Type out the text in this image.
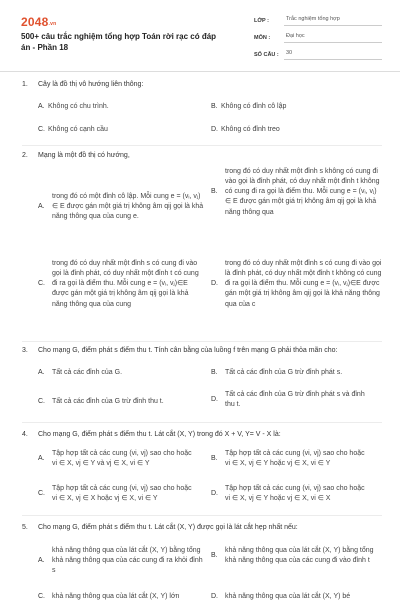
2048.vn
500+ câu trắc nghiệm tổng hợp Toán rời rạc có đáp án - Phần 18
LỚP :	Trắc nghiệm tổng hợp
MÔN :	Đại học
SỐ CÂU :	30
1.	Cây là đồ thị vô hướng liên thông:
A. Không có chu trình.	B. Không có đỉnh cô lập
C. Không có cạnh cầu	D. Không có đỉnh treo
2.	Mạng là một đồ thị có hướng,
A.
trong đó có một đỉnh cô lập. Mỗi cung e = (vᵢ, vⱼ) ∈ E được gán một giá trị không âm qij gọi là khả năng thông qua của cung e.
B.
trong đó có duy nhất một đỉnh s không có cung đi vào gọi là đỉnh phát, có duy nhất một đỉnh t không có cung đi ra gọi là điểm thu. Mỗi cung e = (vᵢ, vⱼ) ∈ E được gán một giá trị không âm qij gọi là khả năng thông qua
C.
trong đó có duy nhất một đỉnh s có cung đi vào gọi là đỉnh phát, có duy nhất một đỉnh t có cung đi ra gọi là điểm thu. Mỗi cung e = (vᵢ, vⱼ)∈E được gán một giá trị không âm qij gọi là khả năng thông qua của cung
D.
trong đó có duy nhất một đỉnh s có cung đi vào gọi là đỉnh phát, có duy nhất một đỉnh t không có cung đi ra gọi là điểm thu. Mỗi cung e = (vᵢ, vⱼ)∈E được gán một giá trị không âm qij gọi là khả năng thông qua của c
3.	Cho mạng G, điểm phát s điểm thu t. Tính cân bằng của luồng f trên mạng G phải thỏa mãn cho:
A.	Tất cả các đỉnh của G.	B.	Tất cả các đỉnh của G trừ đỉnh phát s.
C.	Tất cả các đỉnh của G trừ đỉnh thu t.	D.
Tất cả các đỉnh của G trừ đỉnh phát s và đỉnh thu t.
4.	Cho mạng G, điểm phát s điểm thu t. Lát cắt (X, Y) trong đó X + V, Y= V - X là:
A.
Tập hợp tất cả các cung (vi, vj) sao cho hoặc vi ∈ X, vj ∈ Y và vj ∈ X, vi ∈ Y
B.
Tập hợp tất cả các cung (vi, vj) sao cho hoặc vi ∈ X, vj ∈ Y hoặc vj ∈ X, vi ∈ Y
C.
Tập hợp tất cả các cung (vi, vj) sao cho hoặc vi ∈ X, vj ∈ X hoặc vj ∈ X, vi ∈ Y
D.
Tập hợp tất cả các cung (vi, vj) sao cho hoặc vi ∈ X, vj ∈ Y hoặc vj ∈ X, vi ∈ X
5.	Cho mạng G, điểm phát s điểm thu t. Lát cắt (X, Y) được gọi là lát cắt hẹp nhất nếu:
A.
khả năng thông qua của lát cắt (X, Y) bằng tổng khả năng thông qua của các cung đi ra khỏi đỉnh s
B.
khả năng thông qua của lát cắt (X, Y) bằng tổng khả năng thông qua của các cung đi vào đỉnh t
C.	khả năng thông qua của lát cắt (X, Y) lớn	D.	khả năng thông qua của lát cắt (X, Y) bé
